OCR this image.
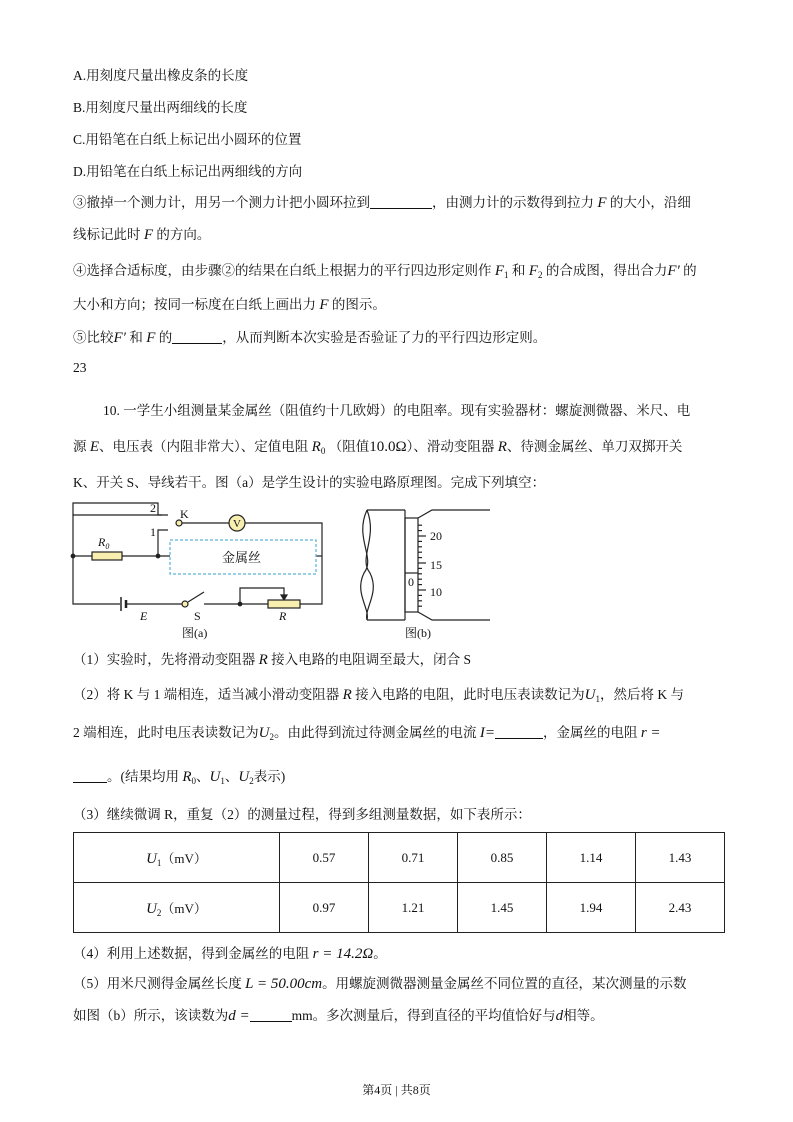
A.用刻度尺量出橡皮条的长度
B.用刻度尺量出两细线的长度
C.用铅笔在白纸上标记出小圆环的位置
D.用铅笔在白纸上标记出两细线的方向
③撤掉一个测力计，用另一个测力计把小圆环拉到	，由测力计的示数得到拉力 F 的大小，沿细
线标记此时 F 的方向。
④选择合适标度，由步骤②的结果在白纸上根据力的平行四边形定则作 $F_1$ 和 $F_2$ 的合成图，得出合力F′ 的
大小和方向；按同一标度在白纸上画出力 F 的图示。
⑤比较F′ 和 F 的	，从而判断本次实验是否验证了力的平行四边形定则。
23
10. 一学生小组测量某金属丝（阻值约十几欧姆）的电阻率。现有实验器材：螺旋测微器、米尺、电
源 E、电压表（内阻非常大）、定值电阻 $R_0$ （阻值10.0Ω）、滑动变阻器 R、待测金属丝、单刀双掷开关
K、开关 S、导线若干。图（a）是学生设计的实验电路原理图。完成下列填空：
$R_0$
2
1
K
V
金属丝
E	S	R
图(a)
20
15
10
0
图(b)
（1）实验时，先将滑动变阻器 R 接入电路的电阻调至最大，闭合 S
（2）将 K 与 1 端相连，适当减小滑动变阻器 R 接入电路的电阻，此时电压表读数记为$U_1$，然后将 K 与
2 端相连，此时电压表读数记为$U_2$。由此得到流过待测金属丝的电流 I=	，金属丝的电阻 r =
。(结果均用 $R_0$、$U_1$、$U_2$表示)
（3）继续微调 R，重复（2）的测量过程，得到多组测量数据，如下表所示：
$U_1(mV)$	0.57	0.71	0.85	1.14	1.43
$U_2(mV)$	0.97	1.21	1.45	1.94	2.43
（4）利用上述数据，得到金属丝的电阻 r = 14.2Ω。
（5）用米尺测得金属丝长度 L = 50.00cm。用螺旋测微器测量金属丝不同位置的直径，某次测量的示数
如图（b）所示，该读数为d =	mm。多次测量后，得到直径的平均值恰好与d相等。
第4页 | 共8页
